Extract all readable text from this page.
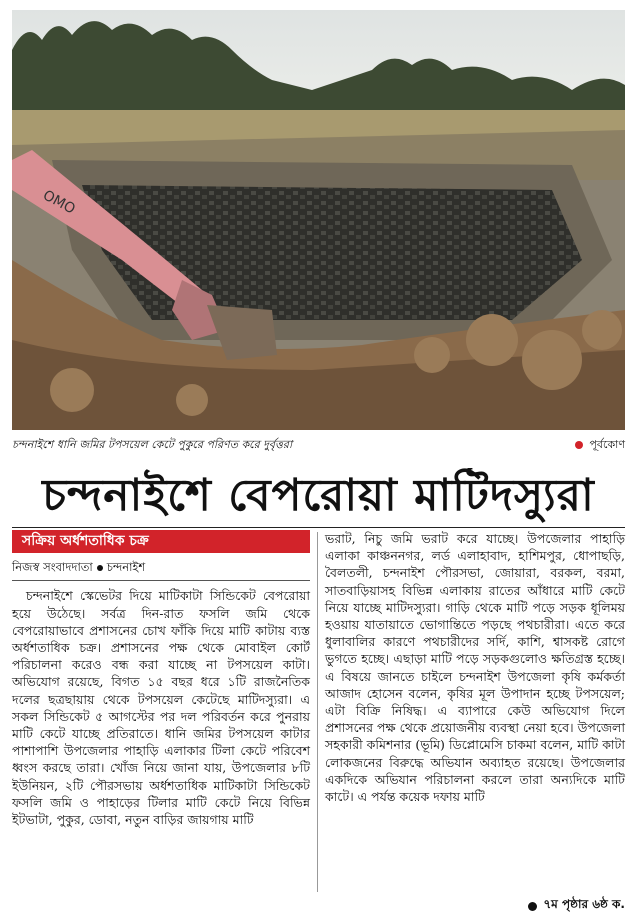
OMO
চন্দনাইশে ধানি জমির টপসয়েল কেটে পুকুরে পরিণত করে দুর্বৃত্তরা	পূর্বকোণ
চন্দনাইশে বেপরোয়া মাটিদস্যুরা
সক্রিয় অর্ধশতাধিক চক্র
নিজস্ব সংবাদদাতা চন্দনাইশ

চন্দনাইশে স্কেভেটর দিয়ে মাটিকাটা সিন্ডিকেট বেপরোয়া হয়ে উঠেছে। সর্বত্র দিন-রাত ফসলি জমি থেকে বেপরোয়াভাবে প্রশাসনের চোখ ফাঁকি দিয়ে মাটি কাটায় ব্যস্ত অর্ধশতাধিক চক্র। প্রশাসনের পক্ষ থেকে মোবাইল কোর্ট পরিচালনা করেও বন্ধ করা যাচ্ছে না টপসয়েল কাটা। অভিযোগ রয়েছে, বিগত ১৫ বছর ধরে ১টি রাজনৈতিক দলের ছত্রছায়ায় থেকে টপসয়েল কেটেছে মাটিদস্যুরা। এ সকল সিন্ডিকেট ৫ আগস্টের পর দল পরিবর্তন করে পুনরায় মাটি কেটে যাচ্ছে প্রতিরাতে। ধানি জমির টপসয়েল কাটার পাশাপাশি উপজেলার পাহাড়ি এলাকার টিলা কেটে পরিবেশ ধ্বংস করছে তারা। খোঁজ নিয়ে জানা যায়, উপজেলার ৮টি ইউনিয়ন, ২টি পৌরসভায় অর্ধশতাধিক মাটিকাটা সিন্ডিকেট ফসলি জমি ও পাহাড়ের টিলার মাটি কেটে নিয়ে বিভিন্ন ইটভাটা, পুকুর, ডোবা, নতুন বাড়ির জায়গায় মাটি

ভরাট, নিচু জমি ভরাট করে যাচ্ছে। উপজেলার পাহাড়ি এলাকা কাঞ্চননগর, লর্ড এলাহাবাদ, হাশিমপুর, ধোপাছড়ি, বৈলতলী, চন্দনাইশ পৌরসভা, জোয়ারা, বরকল, বরমা, সাতবাড়িয়াসহ বিভিন্ন এলাকায় রাতের আঁধারে মাটি কেটে নিয়ে যাচ্ছে মাটিদস্যুরা। গাড়ি থেকে মাটি পড়ে সড়ক ধূলিময় হওয়ায় যাতায়াতে ভোগান্তিতে পড়ছে পথচারীরা। এতে করে ধুলাবালির কারণে পথচারীদের সর্দি, কাশি, শ্বাসকষ্ট রোগে ভুগতে হচ্ছে। এছাড়া মাটি পড়ে সড়কগুলোও ক্ষতিগ্রস্ত হচ্ছে। এ বিষয়ে জানতে চাইলে চন্দনাইশ উপজেলা কৃষি কর্মকর্তা আজাদ হোসেন বলেন, কৃষির মূল উপাদান হচ্ছে টপসয়েল; এটা বিক্রি নিষিদ্ধ। এ ব্যাপারে কেউ অভিযোগ দিলে প্রশাসনের পক্ষ থেকে প্রয়োজনীয় ব্যবস্থা নেয়া হবে। উপজেলা সহকারী কমিশনার (ভূমি) ডিপ্লোমেসি চাকমা বলেন, মাটি কাটা লোকজনের বিরুদ্ধে অভিযান অব্যাহত রয়েছে। উপজেলার একদিকে অভিযান পরিচালনা করলে তারা অন্যদিকে মাটি কাটে। এ পর্যন্ত কয়েক দফায় মাটি

৭ম পৃষ্ঠার ৬ষ্ঠ ক.
